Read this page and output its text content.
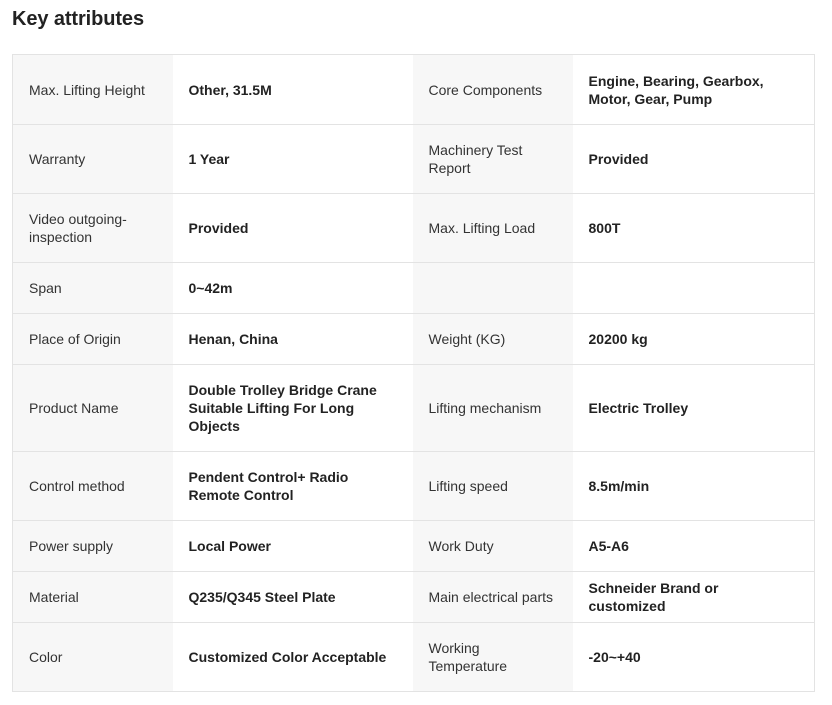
Key attributes
Max. Lifting Height	Other, 31.5M	Core Components	Engine, Bearing, Gearbox, Motor, Gear, Pump
Warranty	1 Year	Machinery Test Report	Provided
Video outgoing-inspection	Provided	Max. Lifting Load	800T
Span	0~42m		
Place of Origin	Henan, China	Weight (KG)	20200 kg
Product Name	Double Trolley Bridge Crane Suitable Lifting For Long Objects	Lifting mechanism	Electric Trolley
Control method	Pendent Control+ Radio Remote Control	Lifting speed	8.5m/min
Power supply	Local Power	Work Duty	A5-A6
Material	Q235/Q345 Steel Plate	Main electrical parts	Schneider Brand or customized
Color	Customized Color Acceptable	Working Temperature	-20~+40
